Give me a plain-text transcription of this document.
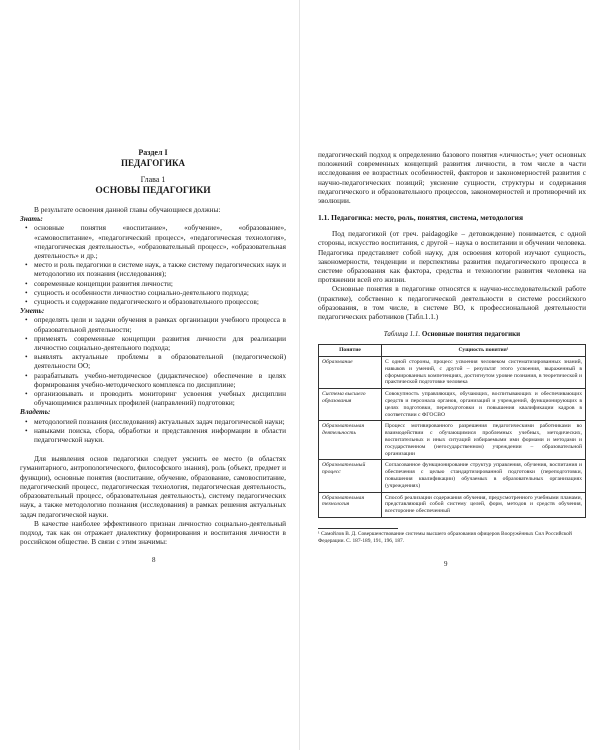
Раздел I
ПЕДАГОГИКА
Глава 1
ОСНОВЫ ПЕДАГОГИКИ

В результате освоения данной главы обучающиеся должны:

Знать:

• основные понятия «воспитание», «обучение», «образование», «самовоспитание», «педагогический процесс», «педагогическая технология», «педагогическая деятельность», «образовательный процесс», «образовательная деятельность» и др.;
• место и роль педагогики в системе наук, а также систему педагогических наук и методологию их познания (исследования);
• современные концепции развития личности;
• сущность и особенности личностно социально-деятельного подхода;
• сущность и содержание педагогического и образовательного процессов;

Уметь:

• определять цели и задачи обучения в рамках организации учебного процесса в образовательной деятельности;
• применять современные концепции развития личности для реализации личностно социально-деятельного подхода;
• выявлять актуальные проблемы в образовательной (педагогической) деятельности ОО;
• разрабатывать учебно-методическое (дидактическое) обеспечение в целях формирования учебно-методического комплекса по дисциплине;
• организовывать и проводить мониторинг усвоения учебных дисциплин обучающимися различных профилей (направлений) подготовки;

Владеть:

• методологией познания (исследования) актуальных задач педагогической науки;
• навыками поиска, сбора, обработки и представления информации в области педагогической науки.

Для выявления основ педагогики следует уяснить ее место (в областях гуманитарного, антропологического, философского знания), роль (объект, предмет и функции), основные понятия (воспитание, обучение, образование, самовоспитание, педагогический процесс, педагогическая технология, педагогическая деятельность, образовательный процесс, образовательная деятельность), систему педагогических наук, а также методологию познания (исследования) в рамках решения актуальных задач педагогической науки.

В качестве наиболее эффективного признан личностно социально-деятельный подход, так как он отражает диалектику формирования и воспитания личности в российском обществе. В связи с этим значимы:

8

педагогический подход к определению базового понятия «личность»; учет основных положений современных концепций развития личности, в том числе в части исследования ее возрастных особенностей, факторов и закономерностей развития с научно-педагогических позиций; уяснение сущности, структуры и содержания педагогического и образовательного процессов, закономерностей и противоречий их эволюции.

1.1. Педагогика: место, роль, понятия, система, методология

Под педагогикой (от греч. paidagogike – детовождение) понимается, с одной стороны, искусство воспитания, с другой – наука о воспитании и обучении человека. Педагогика представляет собой науку, для освоения которой изучают сущность, закономерности, тенденции и перспективы развития педагогического процесса в системе образования как фактора, средства и технологии развития человека на протяжении всей его жизни.

Основные понятия в педагогике относятся к научно-исследовательской работе (практике), собственно к педагогической деятельности в системе российского образования, в том числе, в системе ВО, к профессиональной деятельности педагогических работников (Табл.1.1.)

Таблица 1.1. Основные понятия педагогики

Понятие	Сущность понятия¹
Образование	С одной стороны, процесс усвоения человеком систематизированных знаний, навыков и умений, с другой – результат этого усвоения, выраженный в сформированных компетенциях, достигнутом уровне познания, в теоретической и практической подготовке человека
Система высшего образования	Совокупность управляющих, обучающих, воспитывающих и обеспечивающих средств и персонала органов, организаций и учреждений, функционирующих в целях подготовки, переподготовки и повышения квалификации кадров в соответствии с ФГОСВО
Образовательная деятельность	Процесс мотивированного разрешения педагогическими работниками во взаимодействии с обучающимися проблемных учебных, методических, воспитательных и иных ситуаций избираемыми ими формами и методами и государственном (негосударственном) учреждении – образовательной организации
Образовательный процесс	Согласованное функционирование структур управления, обучения, воспитания и обеспечения с целью стандартизированной подготовки (переподготовки, повышения квалификации) обучаемых в образовательных организациях (учреждениях)
Образовательная технология	Способ реализации содержания обучения, предусмотренного учебными планами, представляющий собой систему целей, форм, методов и средств обучения, всесторонне обеспеченный

¹ Самойлов В. Д. Совершенствование системы высшего образования офицеров Вооружённых Сил Российской Федерации. С. 187-189, 191, 196, 187.

9
